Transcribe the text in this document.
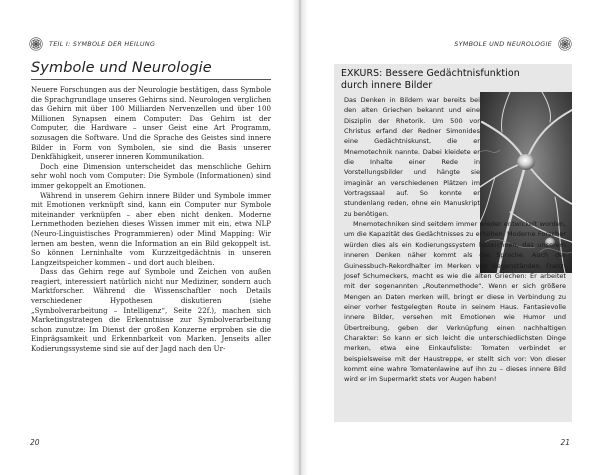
TEIL I: SYMBOLE DER HEILUNG
Symbole und Neurologie

Neuere Forschungen aus der Neurologie bestätigen, dass Symbole die Sprachgrundlage unseres Gehirns sind. Neurologen verglichen das Gehirn mit über 100 Milliarden Nervenzellen und über 100 Millionen Synapsen einem Computer: Das Gehirn ist der Computer, die Hardware – unser Geist eine Art Programm, sozusagen die Software. Und die Sprache des Geistes sind innere Bilder in Form von Symbolen, sie sind die Basis unserer Denkfähigkeit, unserer inneren Kommunikation.

Doch eine Dimension unterscheidet das menschliche Gehirn sehr wohl noch vom Computer: Die Symbole (Informationen) sind immer gekoppelt an Emotionen.

Während in unserem Gehirn innere Bilder und Symbole immer mit Emotionen verknüpft sind, kann ein Computer nur Symbole miteinander verknüpfen – aber eben nicht denken. Moderne Lernmethoden beziehen dieses Wissen immer mit ein, etwa NLP (Neuro-Linguistisches Programmieren) oder Mind Mapping: Wir lernen am besten, wenn die Information an ein Bild gekoppelt ist. So können Lerninhalte vom Kurzzeitgedächtnis in unseren Langzeitspeicher kommen – und dort auch bleiben.

Dass das Gehirn rege auf Symbole und Zeichen von außen reagiert, interessiert natürlich nicht nur Mediziner, sondern auch Marktforscher. Während die Wissenschaftler noch Details verschiedener Hypothesen diskutieren (siehe „Symbolverarbeitung – Intelligenz“, Seite 22f.), machen sich Marketingstrategen die Erkenntnisse zur Symbolverarbeitung schon zunutze: Im Dienst der großen Konzerne erproben sie die Einprägsamkeit und Erkennbarkeit von Marken. Jenseits aller Kodierungssysteme sind sie auf der Jagd nach den Ur-

20
SYMBOLE UND NEUROLOGIE
21
EXKURS: Bessere Gedächtnisfunktion
durch innere Bilder
Das Denken in Bildern war bereits bei den alten Griechen bekannt und eine Disziplin der Rhetorik. Um 500 vor Christus erfand der Redner Simonides eine Gedächtniskunst, die er Mnemotechnik nannte. Dabei kleidete er die Inhalte einer Rede in Vorstellungsbilder und hängte sie imaginär an verschiedenen Plätzen im Vortragssaal auf. So konnte er stundenlang reden, ohne ein Manuskript zu benötigen.
Mnemotechniken sind seitdem immer wieder entwickelt worden, um die Kapazität des Gedächtnisses zu erhöhen. Moderne Forscher würden dies als ein Kodierungssystem bezeichnen, das unserem inneren Denken näher kommt als die Sprache. Auch der Guinessbuch-Rekordhalter im Merken von Gegenständen, Franz-Josef Schumeckers, macht es wie die alten Griechen: Er arbeitet mit der sogenannten „Routenmethode“. Wenn er sich größere Mengen an Daten merken will, bringt er diese in Verbindung zu einer vorher festgelegten Route in seinem Haus. Fantasievolle innere Bilder, versehen mit Emotionen wie Humor und Übertreibung, geben der Verknüpfung einen nachhaltigen Charakter: So kann er sich leicht die unterschiedlichsten Dinge merken, etwa eine Einkaufsliste: Tomaten verbindet er beispielsweise mit der Haustreppe, er stellt sich vor: Von dieser kommt eine wahre Tomatenlawine auf ihn zu – dieses innere Bild wird er im Supermarkt stets vor Augen haben!
